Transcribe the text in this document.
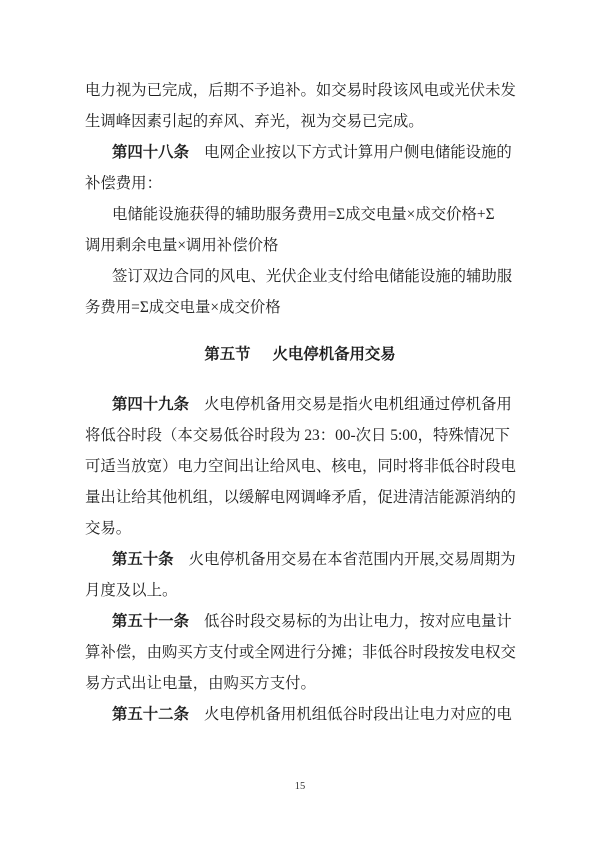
电力视为已完成，后期不予追补。如交易时段该风电或光伏未发

生调峰因素引起的弃风、弃光，视为交易已完成。

第四十八条 电网企业按以下方式计算用户侧电储能设施的

补偿费用：

电储能设施获得的辅助服务费用=Σ成交电量×成交价格+Σ

调用剩余电量×调用补偿价格

签订双边合同的风电、光伏企业支付给电储能设施的辅助服

务费用=Σ成交电量×成交价格

第五节 火电停机备用交易

第四十九条 火电停机备用交易是指火电机组通过停机备用

将低谷时段（本交易低谷时段为 23：00-次日 5:00，特殊情况下

可适当放宽）电力空间出让给风电、核电，同时将非低谷时段电

量出让给其他机组，以缓解电网调峰矛盾，促进清洁能源消纳的

交易。

第五十条 火电停机备用交易在本省范围内开展,交易周期为

月度及以上。

第五十一条 低谷时段交易标的为出让电力，按对应电量计

算补偿，由购买方支付或全网进行分摊；非低谷时段按发电权交

易方式出让电量，由购买方支付。

第五十二条 火电停机备用机组低谷时段出让电力对应的电

15
